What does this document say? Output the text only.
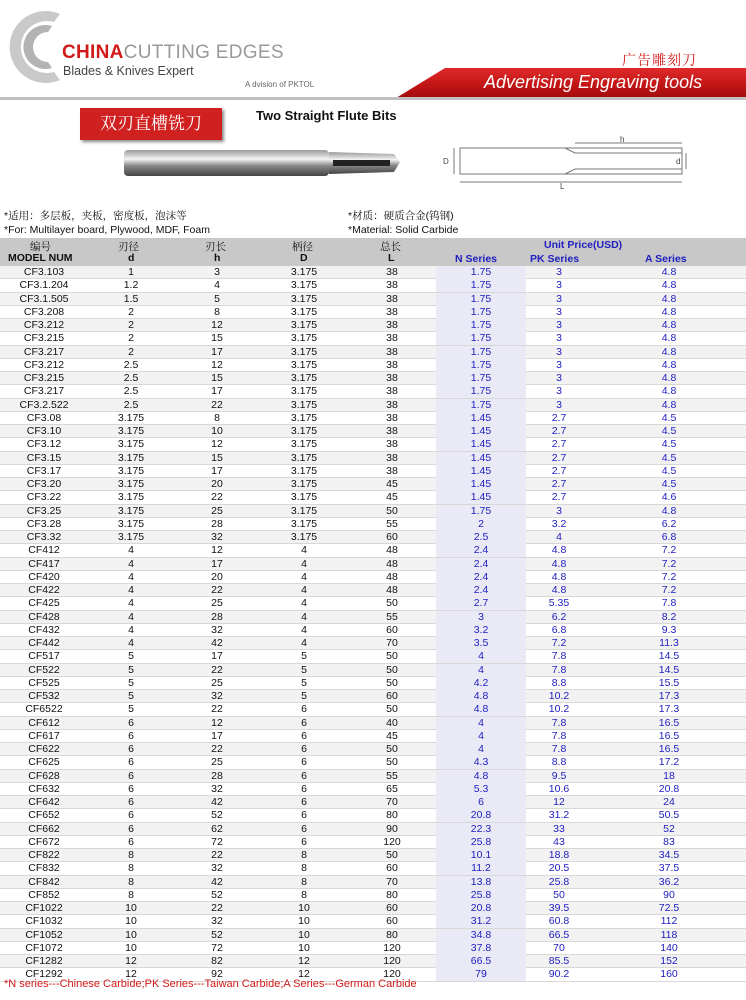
CHINACUTTING EDGES
Blades & Knives Expert
A dvision of PKTOL
广告雕刻刀
Advertising Engraving tools
双刃直槽铣刀	Two Straight Flute Bits
h
D	d
L
*适用：多层板，夹板，密度板，泡沫等
*For: Multilayer board, Plywood, MDF, Foam
*材质：硬质合金(钨钢)
*Material: Solid Carbide
编号	刃径	刃长	柄径	总长
MODEL NUM	d	h	D	L
Unit Price(USD)
N Series	PK Series	A Series
CF3.103	1	3	3.175	38	1.75	3	4.8
CF3.1.204	1.2	4	3.175	38	1.75	3	4.8
CF3.1.505	1.5	5	3.175	38	1.75	3	4.8
CF3.208	2	8	3.175	38	1.75	3	4.8
CF3.212	2	12	3.175	38	1.75	3	4.8
CF3.215	2	15	3.175	38	1.75	3	4.8
CF3.217	2	17	3.175	38	1.75	3	4.8
CF3.212	2.5	12	3.175	38	1.75	3	4.8
CF3.215	2.5	15	3.175	38	1.75	3	4.8
CF3.217	2.5	17	3.175	38	1.75	3	4.8
CF3.2.522	2.5	22	3.175	38	1.75	3	4.8
CF3.08	3.175	8	3.175	38	1.45	2.7	4.5
CF3.10	3.175	10	3.175	38	1.45	2.7	4.5
CF3.12	3.175	12	3.175	38	1.45	2.7	4.5
CF3.15	3.175	15	3.175	38	1.45	2.7	4.5
CF3.17	3.175	17	3.175	38	1.45	2.7	4.5
CF3.20	3.175	20	3.175	45	1.45	2.7	4.5
CF3.22	3.175	22	3.175	45	1.45	2.7	4.6
CF3.25	3.175	25	3.175	50	1.75	3	4.8
CF3.28	3.175	28	3.175	55	2	3.2	6.2
CF3.32	3.175	32	3.175	60	2.5	4	6.8
CF412	4	12	4	48	2.4	4.8	7.2
CF417	4	17	4	48	2.4	4.8	7.2
CF420	4	20	4	48	2.4	4.8	7.2
CF422	4	22	4	48	2.4	4.8	7.2
CF425	4	25	4	50	2.7	5.35	7.8
CF428	4	28	4	55	3	6.2	8.2
CF432	4	32	4	60	3.2	6.8	9.3
CF442	4	42	4	70	3.5	7.2	11.3
CF517	5	17	5	50	4	7.8	14.5
CF522	5	22	5	50	4	7.8	14.5
CF525	5	25	5	50	4.2	8.8	15.5
CF532	5	32	5	60	4.8	10.2	17.3
CF6522	5	22	6	50	4.8	10.2	17.3
CF612	6	12	6	40	4	7.8	16.5
CF617	6	17	6	45	4	7.8	16.5
CF622	6	22	6	50	4	7.8	16.5
CF625	6	25	6	50	4.3	8.8	17.2
CF628	6	28	6	55	4.8	9.5	18
CF632	6	32	6	65	5.3	10.6	20.8
CF642	6	42	6	70	6	12	24
CF652	6	52	6	80	20.8	31.2	50.5
CF662	6	62	6	90	22.3	33	52
CF672	6	72	6	120	25.8	43	83
CF822	8	22	8	50	10.1	18.8	34.5
CF832	8	32	8	60	11.2	20.5	37.5
CF842	8	42	8	70	13.8	25.8	36.2
CF852	8	52	8	80	25.8	50	90
CF1022	10	22	10	60	20.8	39.5	72.5
CF1032	10	32	10	60	31.2	60.8	112
CF1052	10	52	10	80	34.8	66.5	118
CF1072	10	72	10	120	37.8	70	140
CF1282	12	82	12	120	66.5	85.5	152
CF1292	12	92	12	120	79	90.2	160
*N series---Chinese Carbide;PK Series---Taiwan Carbide;A Series---German Carbide
